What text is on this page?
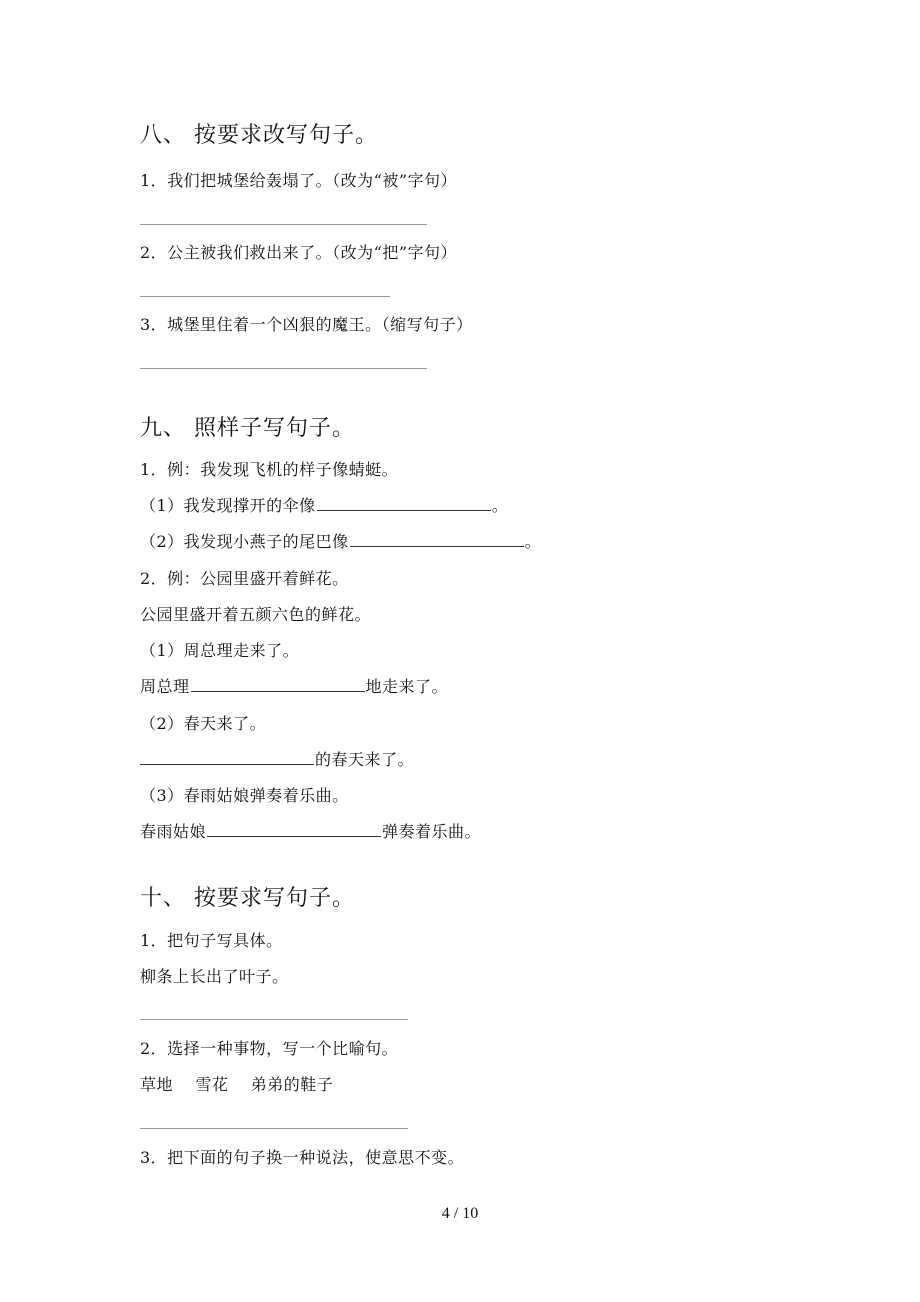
八、 按要求改写句子。
1．我们把城堡给轰塌了。（改为“被”字句）
2．公主被我们救出来了。（改为“把”字句）
3．城堡里住着一个凶狠的魔王。（缩写句子）
九、 照样子写句子。
1．例：我发现飞机的样子像蜻蜓。
（1）我发现撑开的伞像	。
（2）我发现小燕子的尾巴像	。
2．例：公园里盛开着鲜花。
公园里盛开着五颜六色的鲜花。
（1）周总理走来了。
周总理	地走来了。
（2）春天来了。
的春天来了。
（3）春雨姑娘弹奏着乐曲。
春雨姑娘	弹奏着乐曲。
十、 按要求写句子。
1．把句子写具体。
柳条上长出了叶子。
2．选择一种事物，写一个比喻句。
草地    雪花    弟弟的鞋子
3．把下面的句子换一种说法，使意思不变。
4 / 10
